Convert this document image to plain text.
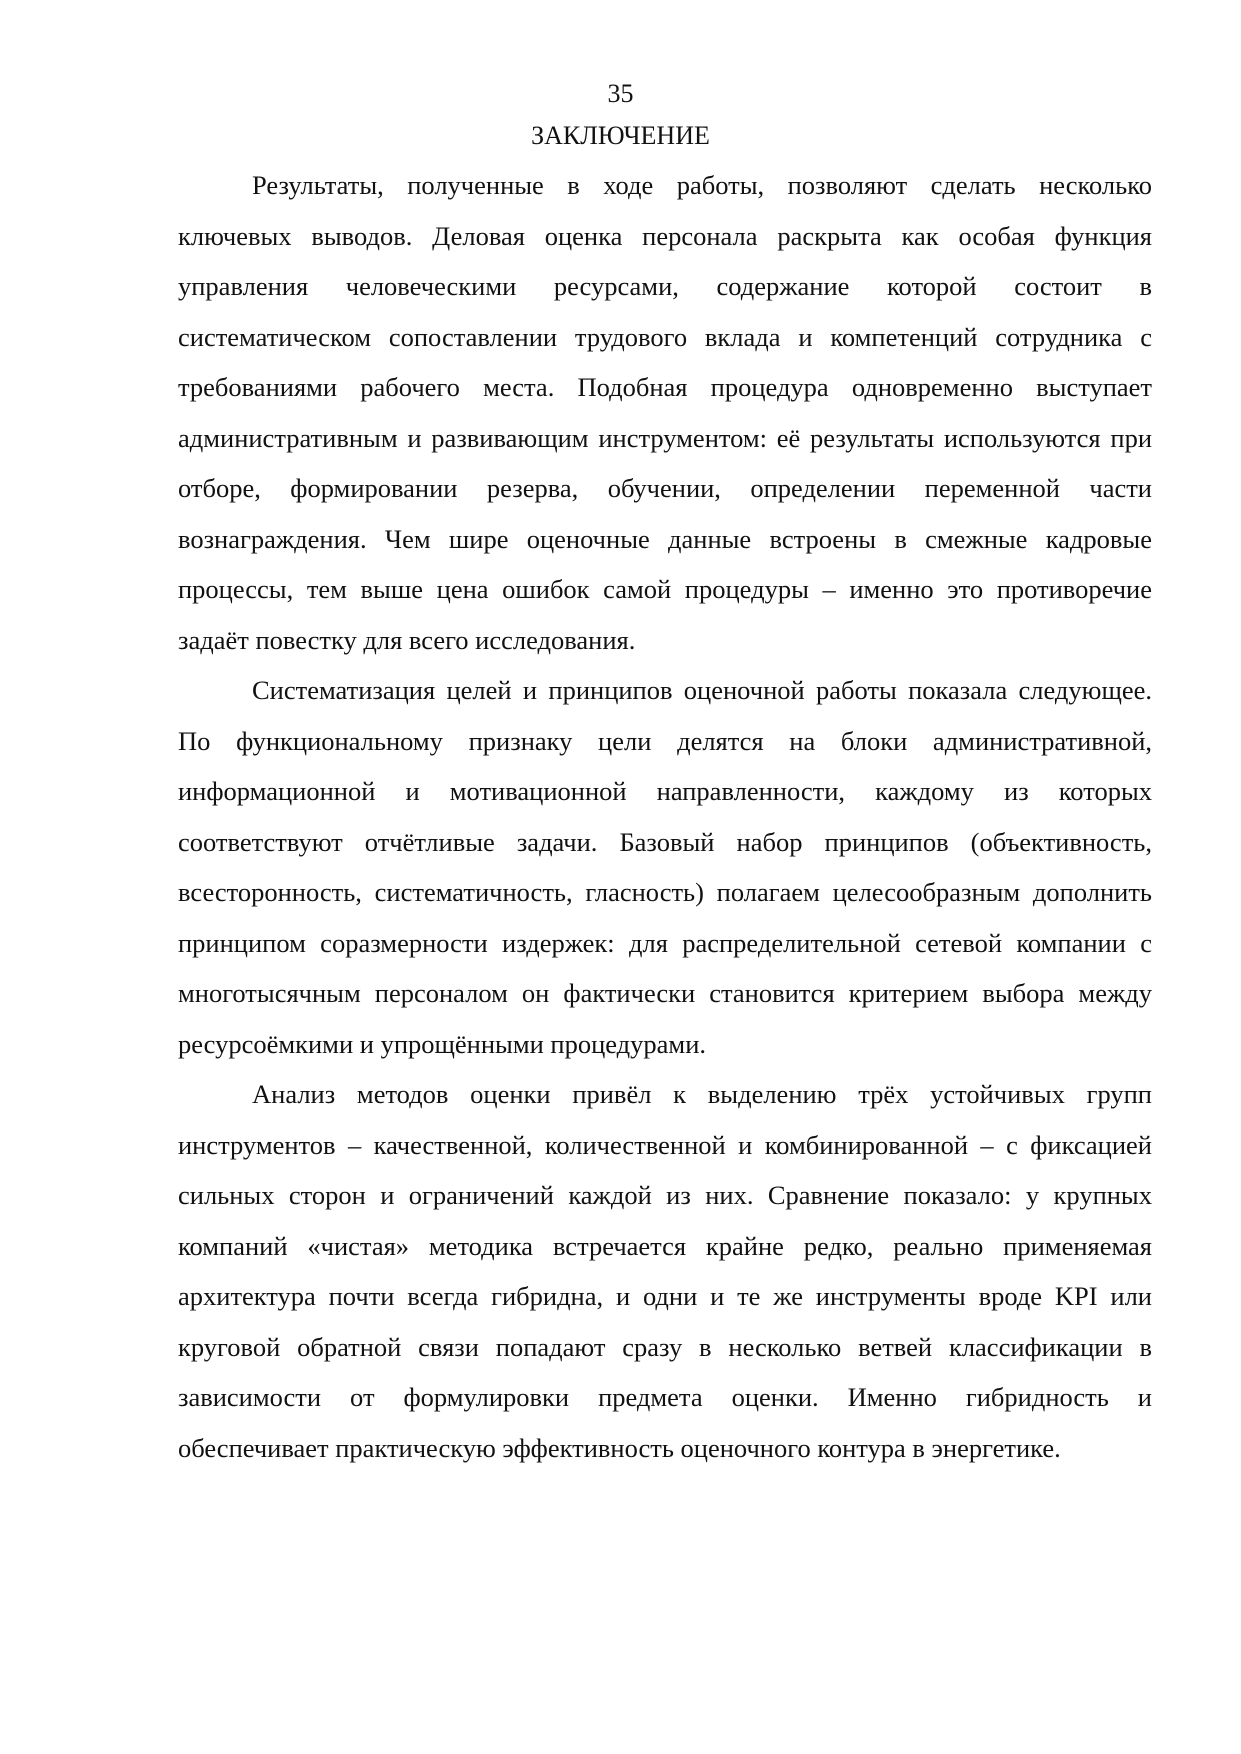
35
ЗАКЛЮЧЕНИЕ

Результаты, полученные в ходе работы, позволяют сделать несколько ключевых выводов. Деловая оценка персонала раскрыта как особая функция управления человеческими ресурсами, содержание которой состоит в систематическом сопоставлении трудового вклада и компетенций сотрудника с требованиями рабочего места. Подобная процедура одновременно выступает административным и развивающим инструментом: её результаты используются при отборе, формировании резерва, обучении, определении переменной части вознаграждения. Чем шире оценочные данные встроены в смежные кадровые процессы, тем выше цена ошибок самой процедуры – именно это противоречие задаёт повестку для всего исследования.

Систематизация целей и принципов оценочной работы показала следующее. По функциональному признаку цели делятся на блоки административной, информационной и мотивационной направленности, каждому из которых соответствуют отчётливые задачи. Базовый набор принципов (объективность, всесторонность, систематичность, гласность) полагаем целесообразным дополнить принципом соразмерности издержек: для распределительной сетевой компании с многотысячным персоналом он фактически становится критерием выбора между ресурсоёмкими и упрощёнными процедурами.

Анализ методов оценки привёл к выделению трёх устойчивых групп инструментов – качественной, количественной и комбинированной – с фиксацией сильных сторон и ограничений каждой из них. Сравнение показало: у крупных компаний «чистая» методика встречается крайне редко, реально применяемая архитектура почти всегда гибридна, и одни и те же инструменты вроде KPI или круговой обратной связи попадают сразу в несколько ветвей классификации в зависимости от формулировки предмета оценки. Именно гибридность и обеспечивает практическую эффективность оценочного контура в энергетике.
